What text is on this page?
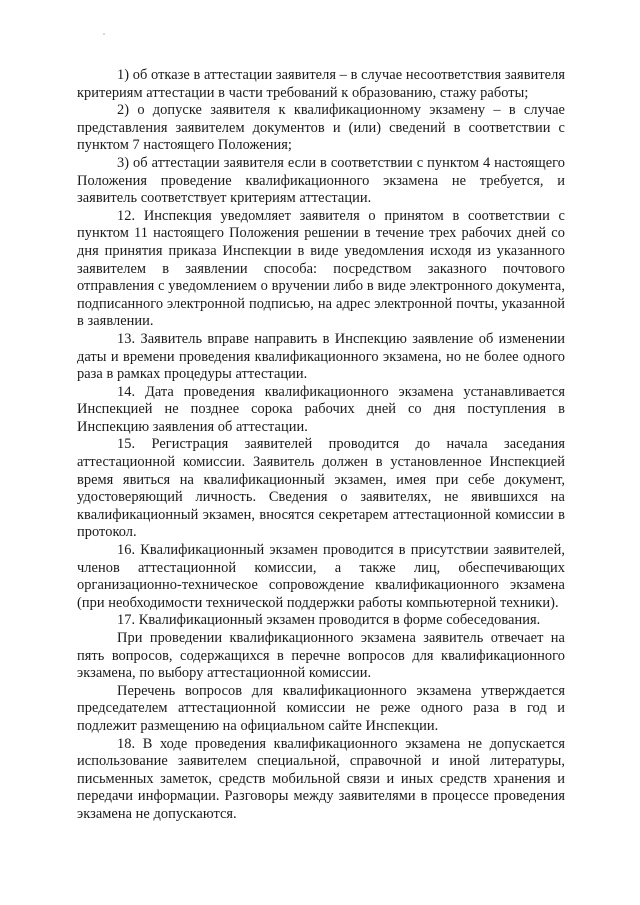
1) об отказе в аттестации заявителя – в случае несоответствия заявителя критериям аттестации в части требований к образованию, стажу работы;

2) о допуске заявителя к квалификационному экзамену – в случае представления заявителем документов и (или) сведений в соответствии с пунктом 7 настоящего Положения;

3) об аттестации заявителя если в соответствии с пунктом 4 настоящего Положения проведение квалификационного экзамена не требуется, и заявитель соответствует критериям аттестации.

12. Инспекция уведомляет заявителя о принятом в соответствии с пунктом 11 настоящего Положения решении в течение трех рабочих дней со дня принятия приказа Инспекции в виде уведомления исходя из указанного заявителем в заявлении способа: посредством заказного почтового отправления с уведомлением о вручении либо в виде электронного документа, подписанного электронной подписью, на адрес электронной почты, указанной в заявлении.

13. Заявитель вправе направить в Инспекцию заявление об изменении даты и времени проведения квалификационного экзамена, но не более одного раза в рамках процедуры аттестации.

14. Дата проведения квалификационного экзамена устанавливается Инспекцией не позднее сорока рабочих дней со дня поступления в Инспекцию заявления об аттестации.

15. Регистрация заявителей проводится до начала заседания аттестационной комиссии. Заявитель должен в установленное Инспекцией время явиться на квалификационный экзамен, имея при себе документ, удостоверяющий личность. Сведения о заявителях, не явившихся на квалификационный экзамен, вносятся секретарем аттестационной комиссии в протокол.

16. Квалификационный экзамен проводится в присутствии заявителей, членов аттестационной комиссии, а также лиц, обеспечивающих организационно-техническое сопровождение квалификационного экзамена (при необходимости технической поддержки работы компьютерной техники).

17. Квалификационный экзамен проводится в форме собеседования.

При проведении квалификационного экзамена заявитель отвечает на пять вопросов, содержащихся в перечне вопросов для квалификационного экзамена, по выбору аттестационной комиссии.

Перечень вопросов для квалификационного экзамена утверждается председателем аттестационной комиссии не реже одного раза в год и подлежит размещению на официальном сайте Инспекции.

18. В ходе проведения квалификационного экзамена не допускается использование заявителем специальной, справочной и иной литературы, письменных заметок, средств мобильной связи и иных средств хранения и передачи информации. Разговоры между заявителями в процессе проведения экзамена не допускаются.
